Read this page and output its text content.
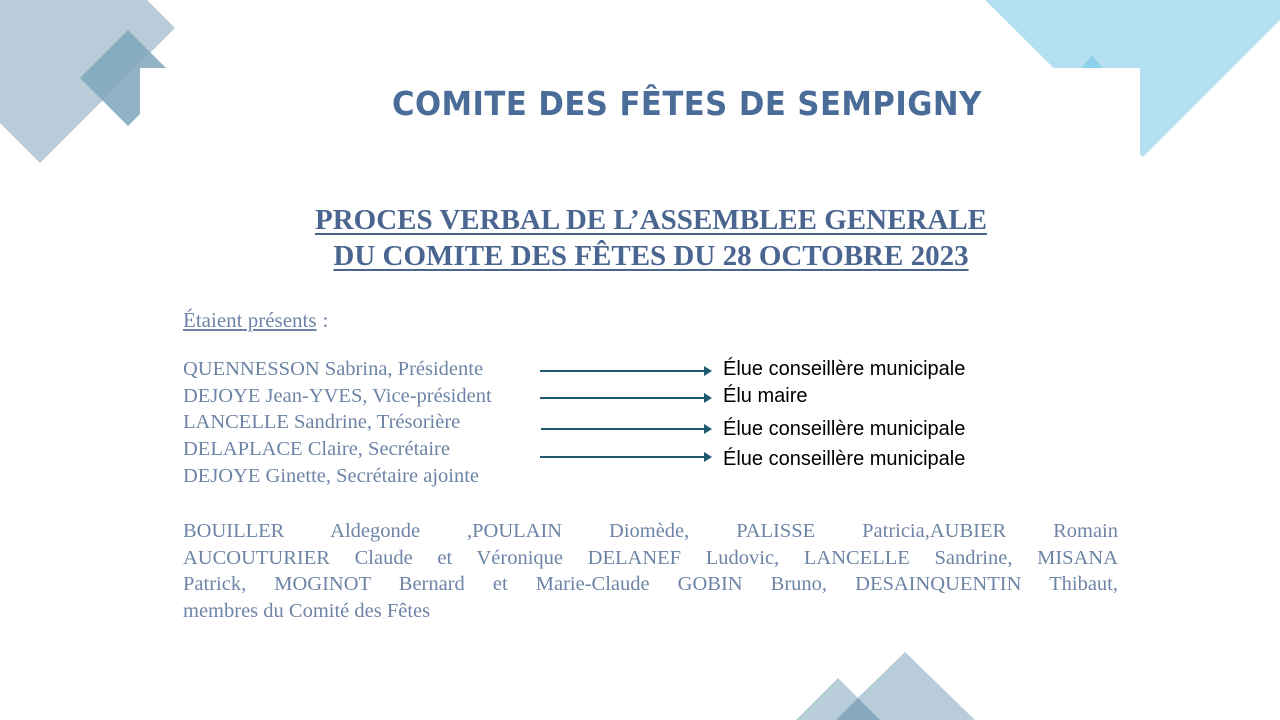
COMITE DES FÊTES DE SEMPIGNY
PROCES VERBAL DE L’ASSEMBLEE GENERALE
DU COMITE DES FÊTES DU 28 OCTOBRE 2023
Étaient présents :
QUENNESSON Sabrina, Présidente
DEJOYE Jean-YVES, Vice-président
LANCELLE Sandrine, Trésorière
DELAPLACE Claire, Secrétaire
DEJOYE Ginette, Secrétaire ajointe
Élue conseillère municipale
Élu maire
Élue conseillère municipale
Élue conseillère municipale
BOUILLER Aldegonde ,POULAIN Diomède, PALISSE Patricia,AUBIER Romain
AUCOUTURIER Claude et Véronique DELANEF Ludovic, LANCELLE Sandrine, MISANA
Patrick, MOGINOT Bernard et Marie-Claude GOBIN Bruno, DESAINQUENTIN Thibaut,
membres du Comité des Fêtes
